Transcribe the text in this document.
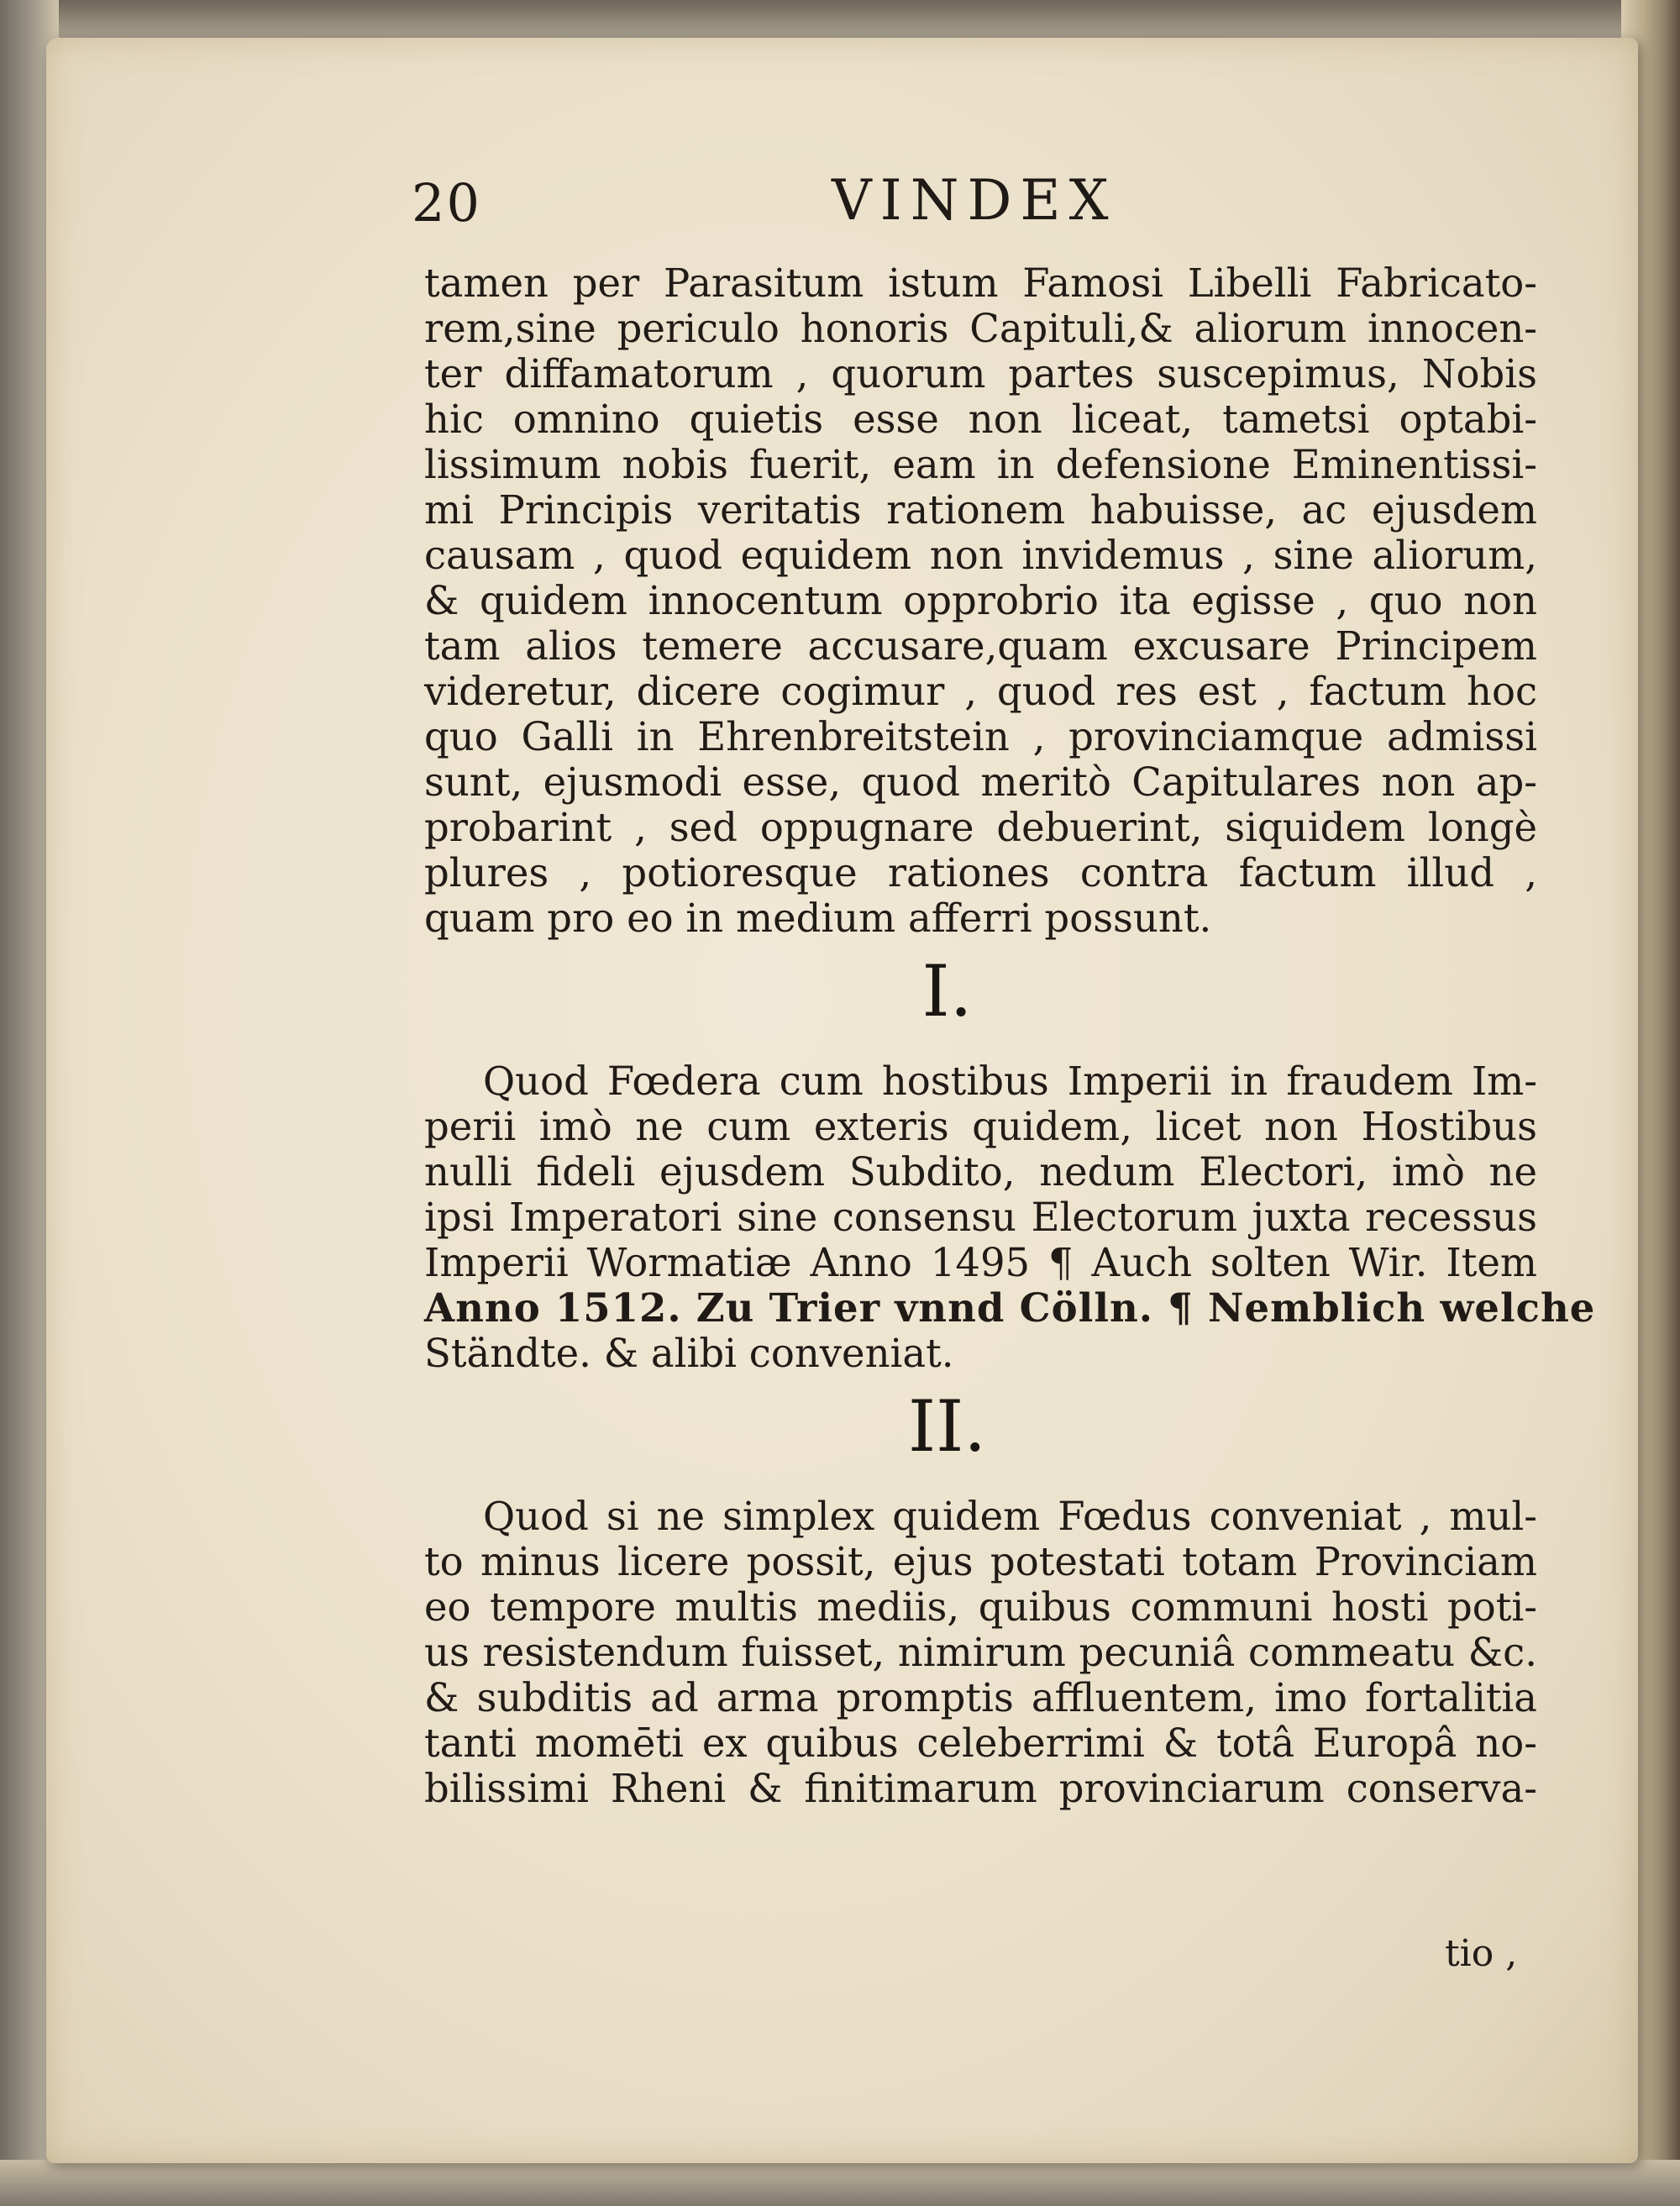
20	VINDEX
tamen per Parasitum istum Famosi Libelli Fabricato-
rem,sine periculo honoris Capituli,& aliorum innocen-
ter diffamatorum , quorum partes suscepimus, Nobis
hic omnino quietis esse non liceat, tametsi optabi-
lissimum nobis fuerit, eam in defensione Eminentissi-
mi Principis veritatis rationem habuisse, ac ejusdem
causam , quod equidem non invidemus , sine aliorum,
& quidem innocentum opprobrio ita egisse , quo non
tam alios temere accusare,quam excusare Principem
videretur, dicere cogimur , quod res est , factum hoc
quo Galli in Ehrenbreitstein , provinciamque admissi
sunt, ejusmodi esse, quod meritò Capitulares non ap-
probarint , sed oppugnare debuerint, siquidem longè
plures , potioresque rationes contra factum illud ,
quam pro eo in medium afferri possunt.
I.
Quod Fœdera cum hostibus Imperii in fraudem Im-
perii imò ne cum exteris quidem, licet non Hostibus
nulli fideli ejusdem Subdito, nedum Electori, imò ne
ipsi Imperatori sine consensu Electorum juxta recessus
Imperii Wormatiæ Anno 1495 ¶ Auch solten Wir. Item
Anno 1512. Zu Trier vnnd Cölln. ¶ Nemblich welche
Ständte. & alibi conveniat.
II.
Quod si ne simplex quidem Fœdus conveniat , mul-
to minus licere possit, ejus potestati totam Provinciam
eo tempore multis mediis, quibus communi hosti poti-
us resistendum fuisset, nimirum pecuniâ commeatu &c.
& subditis ad arma promptis affluentem, imo fortalitia
tanti momēti ex quibus celeberrimi & totâ Europâ no-
bilissimi Rheni & finitimarum provinciarum conserva-
tio ,
